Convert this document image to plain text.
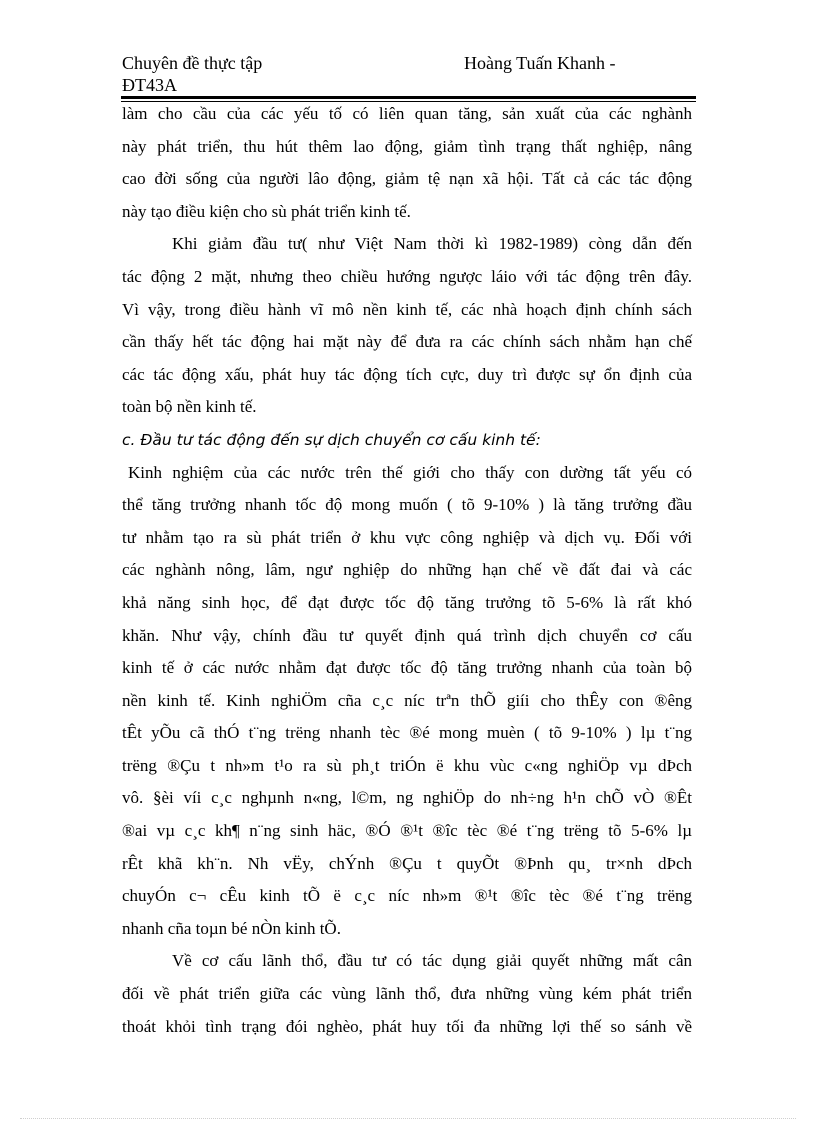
Chuyên đề thực tập	Hoàng Tuấn Khanh -
ĐT43A
làm cho cầu của các yếu tố có liên quan tăng, sản xuất của các nghành
này phát triển, thu hút thêm lao động, giảm tình trạng thất nghiệp, nâng
cao đời sống của người lâo động, giảm tệ nạn xã hội. Tất cả các tác động
này tạo điều kiện cho sù phát triển kinh tế.
Khi giảm đầu tư( như Việt Nam thời kì 1982-1989) còng dẫn đến
tác động 2 mặt, nhưng theo chiều hướng ngược láio với tác động trên đây.
Vì vậy, trong điều hành vĩ mô nền kinh tế, các nhà hoạch định chính sách
cần thấy hết tác động hai mặt này để đưa ra các chính sách nhằm hạn chế
các tác động xấu, phát huy tác động tích cực, duy trì được sự ổn định của
toàn bộ nền kinh tế.
c. Đầu tư tác động đến sự dịch chuyển cơ cấu kinh tế:
Kinh nghiệm của các nước trên thế giới cho thấy con dường tất yếu có
thể tăng trưởng nhanh tốc độ mong muốn ( tõ 9-10% ) là tăng trưởng đầu
tư nhằm tạo ra sù phát triển ở khu vực công nghiệp và dịch vụ. Đối với
các nghành nông, lâm, ngư nghiệp do những hạn chế về đất đai và các
khả năng sinh học, để đạt được tốc độ tăng trưởng tõ 5-6% là rất khó
khăn. Như vậy, chính đầu tư quyết định quá trình dịch chuyển cơ cấu
kinh tế ở các nước nhằm đạt được tốc độ tăng trưởng nhanh của toàn bộ
nền kinh tế. Kinh nghiÖm cña c¸c níc trªn thÕ giíi cho thÊy con ®êng
tÊt yÕu cã thÓ t¨ng trëng nhanh tèc ®é mong muèn ( tõ 9-10% ) lµ t¨ng
trëng ®Çu t nh»m t¹o ra sù ph¸t triÓn ë khu vùc c«ng nghiÖp vµ dÞch
vô. §èi víi c¸c nghµnh n«ng, l©m, ng nghiÖp do nh÷ng h¹n chÕ vÒ ®Êt
®ai vµ c¸c kh¶ n¨ng sinh häc, ®Ó ®¹t ®îc tèc ®é t¨ng trëng tõ 5-6% lµ
rÊt khã kh¨n. Nh vËy, chÝnh ®Çu t quyÕt ®Þnh qu¸ tr×nh dÞch
chuyÓn c¬ cÊu kinh tÕ ë c¸c níc nh»m ®¹t ®îc tèc ®é t¨ng trëng
nhanh cña toµn bé nÒn kinh tÕ.
Về cơ cấu lãnh thổ, đầu tư có tác dụng giải quyết những mất cân
đối về phát triển giữa các vùng lãnh thổ, đưa những vùng kém phát triển
thoát khỏi tình trạng đói nghèo, phát huy tối đa những lợi thế so sánh về
